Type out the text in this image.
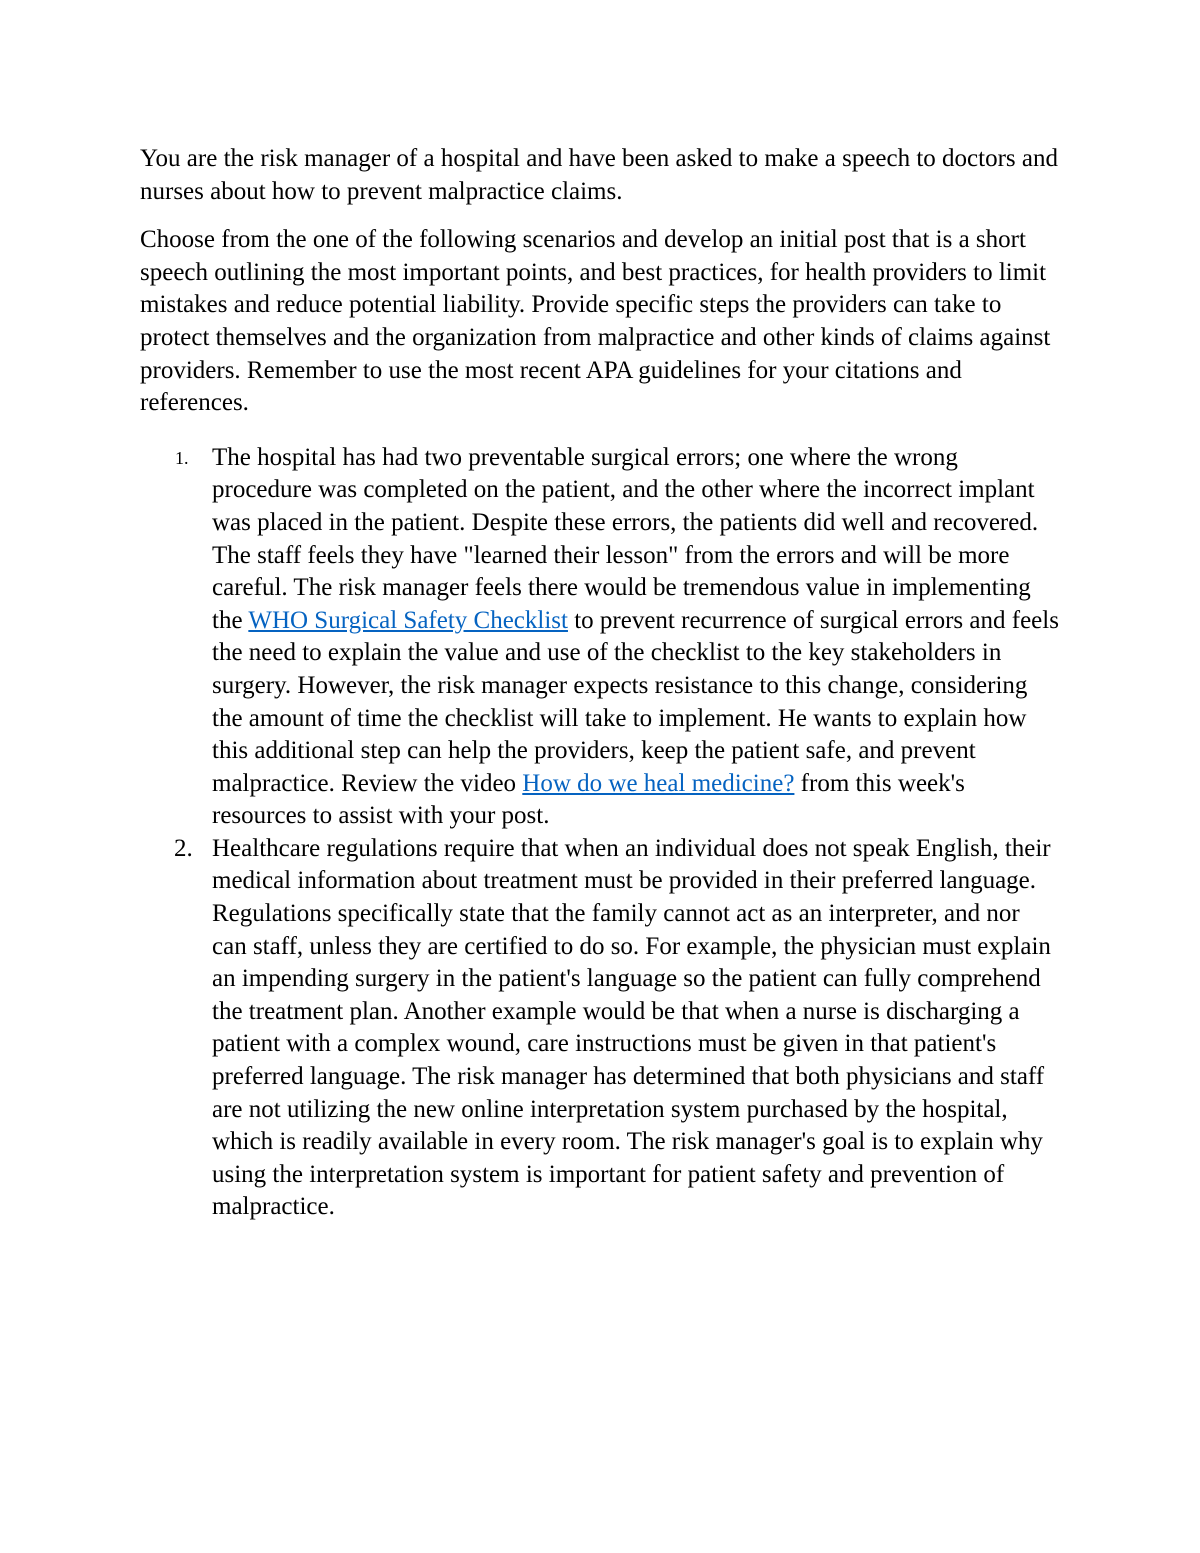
You are the risk manager of a hospital and have been asked to make a speech to doctors and nurses about how to prevent malpractice claims.

Choose from the one of the following scenarios and develop an initial post that is a short speech outlining the most important points, and best practices, for health providers to limit mistakes and reduce potential liability. Provide specific steps the providers can take to protect themselves and the organization from malpractice and other kinds of claims against providers. Remember to use the most recent APA guidelines for your citations and references.

1. The hospital has had two preventable surgical errors; one where the wrong procedure was completed on the patient, and the other where the incorrect implant was placed in the patient. Despite these errors, the patients did well and recovered. The staff feels they have "learned their lesson" from the errors and will be more careful. The risk manager feels there would be tremendous value in implementing the WHO Surgical Safety Checklist to prevent recurrence of surgical errors and feels the need to explain the value and use of the checklist to the key stakeholders in surgery. However, the risk manager expects resistance to this change, considering the amount of time the checklist will take to implement. He wants to explain how this additional step can help the providers, keep the patient safe, and prevent malpractice. Review the video How do we heal medicine? from this week's resources to assist with your post.
2. Healthcare regulations require that when an individual does not speak English, their medical information about treatment must be provided in their preferred language. Regulations specifically state that the family cannot act as an interpreter, and nor can staff, unless they are certified to do so. For example, the physician must explain an impending surgery in the patient's language so the patient can fully comprehend the treatment plan. Another example would be that when a nurse is discharging a patient with a complex wound, care instructions must be given in that patient's preferred language. The risk manager has determined that both physicians and staff are not utilizing the new online interpretation system purchased by the hospital, which is readily available in every room. The risk manager's goal is to explain why using the interpretation system is important for patient safety and prevention of malpractice.
